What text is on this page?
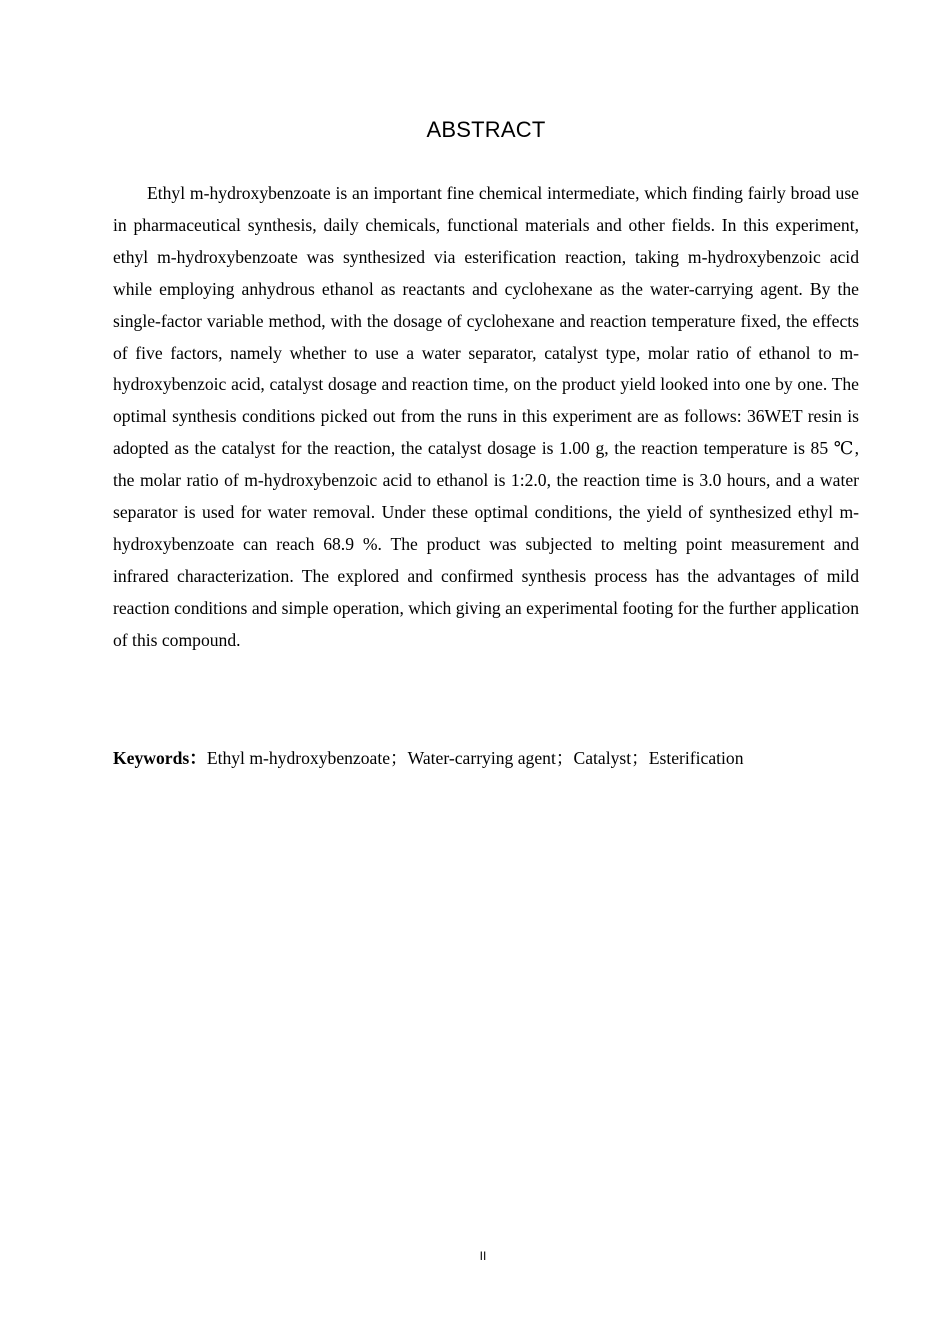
ABSTRACT

Ethyl m-hydroxybenzoate is an important fine chemical intermediate, which finding fairly broad use in pharmaceutical synthesis, daily chemicals, functional materials and other fields. In this experiment, ethyl m-hydroxybenzoate was synthesized via esterification reaction, taking m-hydroxybenzoic acid while employing anhydrous ethanol as reactants and cyclohexane as the water-carrying agent. By the single-factor variable method, with the dosage of cyclohexane and reaction temperature fixed, the effects of five factors, namely whether to use a water separator, catalyst type, molar ratio of ethanol to m-hydroxybenzoic acid, catalyst dosage and reaction time, on the product yield looked into one by one. The optimal synthesis conditions picked out from the runs in this experiment are as follows: 36WET resin is adopted as the catalyst for the reaction, the catalyst dosage is 1.00 g, the reaction temperature is 85 ℃, the molar ratio of m-hydroxybenzoic acid to ethanol is 1:2.0, the reaction time is 3.0 hours, and a water separator is used for water removal. Under these optimal conditions, the yield of synthesized ethyl m-hydroxybenzoate can reach 68.9 %. The product was subjected to melting point measurement and infrared characterization. The explored and confirmed synthesis process has the advantages of mild reaction conditions and simple operation, which giving an experimental footing for the further application of this compound.

Keywords：Ethyl m-hydroxybenzoate；Water-carrying agent；Catalyst；Esterification
II
